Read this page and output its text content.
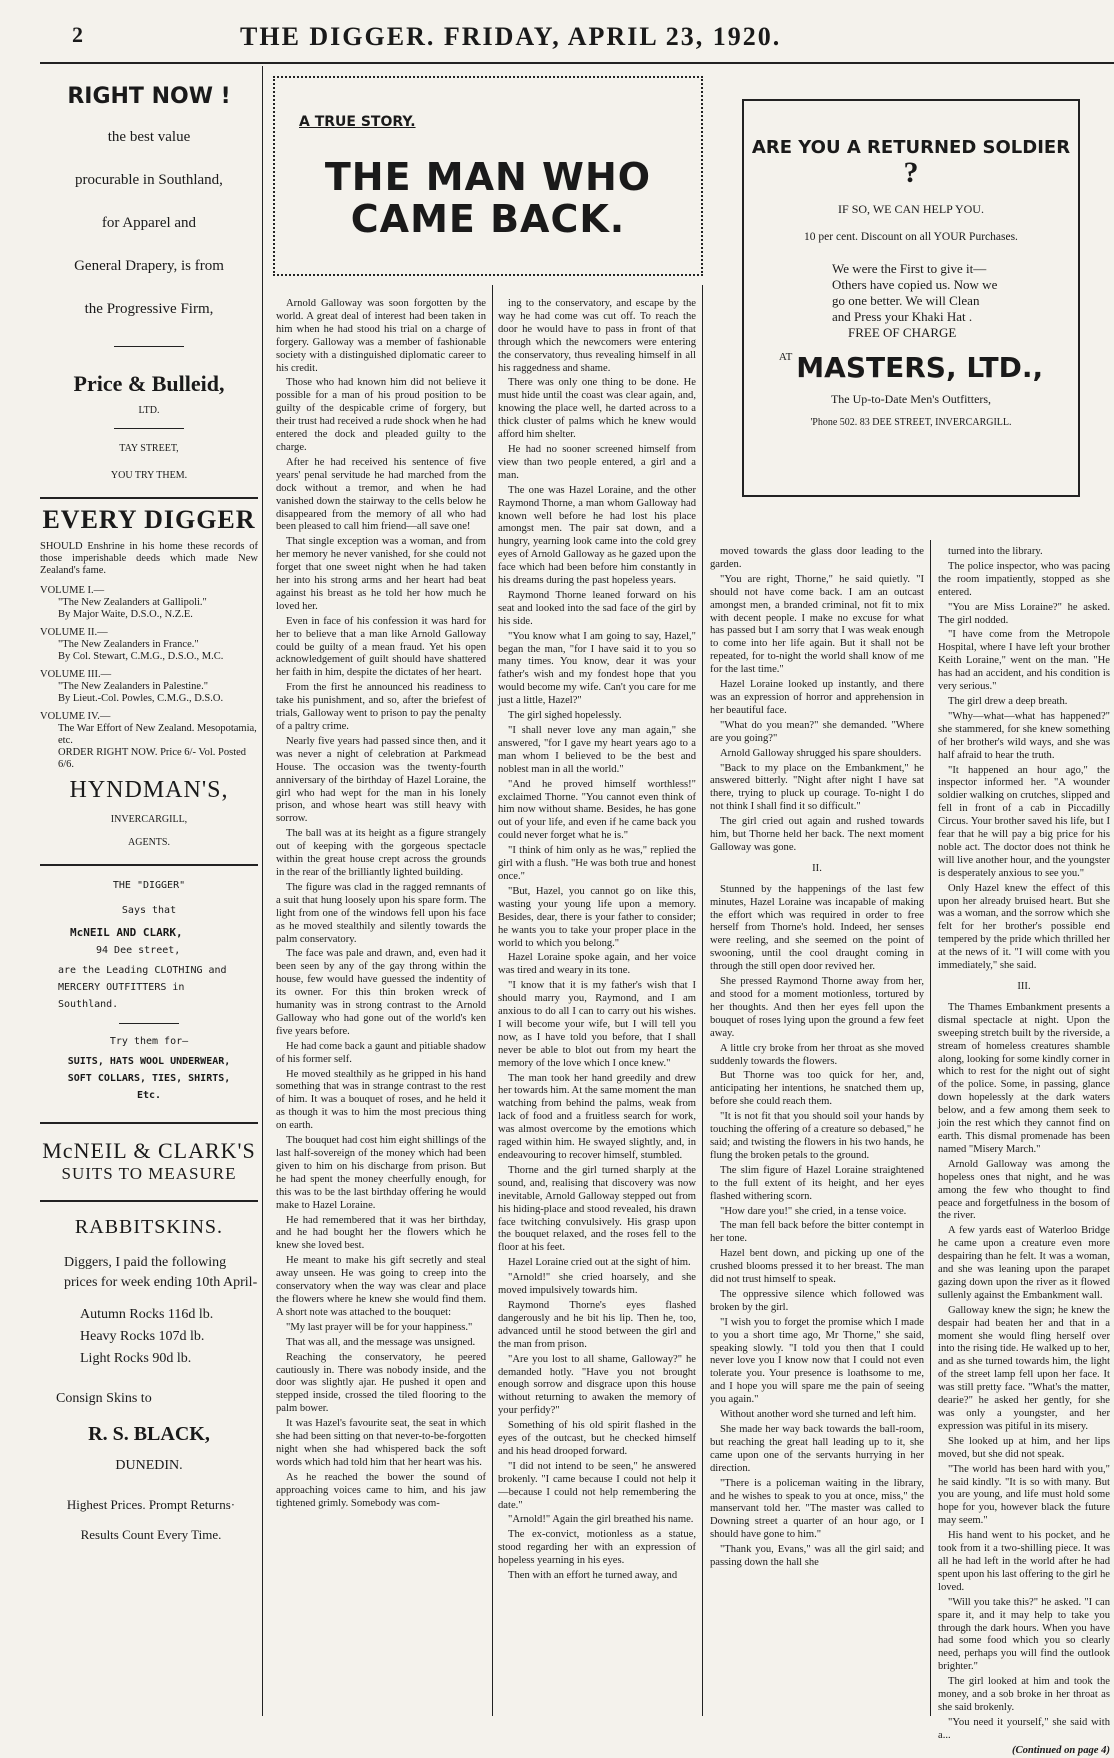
2	THE DIGGER. FRIDAY, APRIL 23, 1920.
RIGHT NOW !
the best value
procurable in Southland,
for Apparel and
General Drapery, is from
the Progressive Firm,
Price & Bulleid,
LTD.
TAY STREET,
YOU TRY THEM.
EVERY DIGGER
SHOULD Enshrine in his home these records of those imperishable deeds which made New Zealand's fame.
VOLUME I.—
"The New Zealanders at Gallipoli."
By Major Waite, D.S.O., N.Z.E.
VOLUME II.—
"The New Zealanders in France."
By Col. Stewart, C.M.G., D.S.O., M.C.
VOLUME III.—
"The New Zealanders in Palestine."
By Lieut.-Col. Powles, C.M.G., D.S.O.
VOLUME IV.—
The War Effort of New Zealand. Mesopotamia, etc.
ORDER RIGHT NOW. Price 6/- Vol. Posted 6/6.
HYNDMAN'S,
INVERCARGILL,
AGENTS.
THE "DIGGER"
Says that
McNEIL AND CLARK,
94 Dee street,
are the Leading CLOTHING and MERCERY OUTFITTERS in Southland.
Try them for—
SUITS, HATS WOOL UNDERWEAR, SOFT COLLARS, TIES, SHIRTS, Etc.
McNEIL & CLARK'S
SUITS TO MEASURE
RABBITSKINS.
Diggers, I paid the following prices for week ending 10th April-
Autumn Rocks 116d lb.
Heavy Rocks 107d lb.
Light Rocks 90d lb.
Consign Skins to
R. S. BLACK,
DUNEDIN.
Highest Prices. Prompt Returns· Results Count Every Time.
A TRUE STORY.
THE MAN WHO CAME BACK.
ARE YOU A RETURNED SOLDIER
?
IF SO, WE CAN HELP YOU.
10 per cent. Discount on all YOUR Purchases.
We were the First to give it—
Others have copied us. Now we
go one better. We will Clean
and Press your Khaki Hat .
FREE OF CHARGE
$^{AT}$ MASTERS, LTD.,
The Up-to-Date Men's Outfitters,
'Phone 502. 83 DEE STREET, INVERCARGILL.

Arnold Galloway was soon forgotten by the world. A great deal of interest had been taken in him when he had stood his trial on a charge of forgery. Galloway was a member of fashionable society with a distinguished diplomatic career to his credit.

Those who had known him did not believe it possible for a man of his proud position to be guilty of the despicable crime of forgery, but their trust had received a rude shock when he had entered the dock and pleaded guilty to the charge.

After he had received his sentence of five years' penal servitude he had marched from the dock without a tremor, and when he had vanished down the stairway to the cells below he disappeared from the memory of all who had been pleased to call him friend—all save one!

That single exception was a woman, and from her memory he never vanished, for she could not forget that one sweet night when he had taken her into his strong arms and her heart had beat against his breast as he told her how much he loved her.

Even in face of his confession it was hard for her to believe that a man like Arnold Galloway could be guilty of a mean fraud. Yet his open acknowledgement of guilt should have shattered her faith in him, despite the dictates of her heart.

From the first he announced his readiness to take his punishment, and so, after the briefest of trials, Galloway went to prison to pay the penalty of a paltry crime.

Nearly five years had passed since then, and it was never a night of celebration at Parkmead House. The occasion was the twenty-fourth anniversary of the birthday of Hazel Loraine, the girl who had wept for the man in his lonely prison, and whose heart was still heavy with sorrow.

The ball was at its height as a figure strangely out of keeping with the gorgeous spectacle within the great house crept across the grounds in the rear of the brilliantly lighted building.

The figure was clad in the ragged remnants of a suit that hung loosely upon his spare form. The light from one of the windows fell upon his face as he moved stealthily and silently towards the palm conservatory.

The face was pale and drawn, and, even had it been seen by any of the gay throng within the house, few would have guessed the indentity of its owner. For this thin broken wreck of humanity was in strong contrast to the Arnold Galloway who had gone out of the world's ken five years before.

He had come back a gaunt and pitiable shadow of his former self.

He moved stealthily as he gripped in his hand something that was in strange contrast to the rest of him. It was a bouquet of roses, and he held it as though it was to him the most precious thing on earth.

The bouquet had cost him eight shillings of the last half-sovereign of the money which had been given to him on his discharge from prison. But he had spent the money cheerfully enough, for this was to be the last birthday offering he would make to Hazel Loraine.

He had remembered that it was her birthday, and he had bought her the flowers which he knew she loved best.

He meant to make his gift secretly and steal away unseen. He was going to creep into the conservatory when the way was clear and place the flowers where he knew she would find them. A short note was attached to the bouquet:

"My last prayer will be for your happiness."

That was all, and the message was unsigned.

Reaching the conservatory, he peered cautiously in. There was nobody inside, and the door was slightly ajar. He pushed it open and stepped inside, crossed the tiled flooring to the palm bower.

It was Hazel's favourite seat, the seat in which she had been sitting on that never-to-be-forgotten night when she had whispered back the soft words which had told him that her heart was his.

As he reached the bower the sound of approaching voices came to him, and his jaw tightened grimly. Somebody was com-

ing to the conservatory, and escape by the way he had come was cut off. To reach the door he would have to pass in front of that through which the newcomers were entering the conservatory, thus revealing himself in all his raggedness and shame.

There was only one thing to be done. He must hide until the coast was clear again, and, knowing the place well, he darted across to a thick cluster of palms which he knew would afford him shelter.

He had no sooner screened himself from view than two people entered, a girl and a man.

The one was Hazel Loraine, and the other Raymond Thorne, a man whom Galloway had known well before he had lost his place amongst men. The pair sat down, and a hungry, yearning look came into the cold grey eyes of Arnold Galloway as he gazed upon the face which had been before him constantly in his dreams during the past hopeless years.

Raymond Thorne leaned forward on his seat and looked into the sad face of the girl by his side.

"You know what I am going to say, Hazel," began the man, "for I have said it to you so many times. You know, dear it was your father's wish and my fondest hope that you would become my wife. Can't you care for me just a little, Hazel?"

The girl sighed hopelessly.

"I shall never love any man again," she answered, "for I gave my heart years ago to a man whom I believed to be the best and noblest man in all the world."

"And he proved himself worthless!" exclaimed Thorne. "You cannot even think of him now without shame. Besides, he has gone out of your life, and even if he came back you could never forget what he is."

"I think of him only as he was," replied the girl with a flush. "He was both true and honest once."

"But, Hazel, you cannot go on like this, wasting your young life upon a memory. Besides, dear, there is your father to consider; he wants you to take your proper place in the world to which you belong."

Hazel Loraine spoke again, and her voice was tired and weary in its tone.

"I know that it is my father's wish that I should marry you, Raymond, and I am anxious to do all I can to carry out his wishes. I will become your wife, but I will tell you now, as I have told you before, that I shall never be able to blot out from my heart the memory of the love which I once knew."

The man took her hand greedily and drew her towards him. At the same moment the man watching from behind the palms, weak from lack of food and a fruitless search for work, was almost overcome by the emotions which raged within him. He swayed slightly, and, in endeavouring to recover himself, stumbled.

Thorne and the girl turned sharply at the sound, and, realising that discovery was now inevitable, Arnold Galloway stepped out from his hiding-place and stood revealed, his drawn face twitching convulsively. His grasp upon the bouquet relaxed, and the roses fell to the floor at his feet.

Hazel Loraine cried out at the sight of him.

"Arnold!" she cried hoarsely, and she moved impulsively towards him.

Raymond Thorne's eyes flashed dangerously and he bit his lip. Then he, too, advanced until he stood between the girl and the man from prison.

"Are you lost to all shame, Galloway?" he demanded hotly. "Have you not brought enough sorrow and disgrace upon this house without returning to awaken the memory of your perfidy?"

Something of his old spirit flashed in the eyes of the outcast, but he checked himself and his head drooped forward.

"I did not intend to be seen," he answered brokenly. "I came because I could not help it—because I could not help remembering the date."

"Arnold!" Again the girl breathed his name.

The ex-convict, motionless as a statue, stood regarding her with an expression of hopeless yearning in his eyes.

Then with an effort he turned away, and

moved towards the glass door leading to the garden.

"You are right, Thorne," he said quietly. "I should not have come back. I am an outcast amongst men, a branded criminal, not fit to mix with decent people. I make no excuse for what has passed but I am sorry that I was weak enough to come into her life again. But it shall not be repeated, for to-night the world shall know of me for the last time."

Hazel Loraine looked up instantly, and there was an expression of horror and apprehension in her beautiful face.

"What do you mean?" she demanded. "Where are you going?"

Arnold Galloway shrugged his spare shoulders.

"Back to my place on the Embankment," he answered bitterly. "Night after night I have sat there, trying to pluck up courage. To-night I do not think I shall find it so difficult."

The girl cried out again and rushed towards him, but Thorne held her back. The next moment Galloway was gone.

II.

Stunned by the happenings of the last few minutes, Hazel Loraine was incapable of making the effort which was required in order to free herself from Thorne's hold. Indeed, her senses were reeling, and she seemed on the point of swooning, until the cool draught coming in through the still open door revived her.

She pressed Raymond Thorne away from her, and stood for a moment motionless, tortured by her thoughts. And then her eyes fell upon the bouquet of roses lying upon the ground a few feet away.

A little cry broke from her throat as she moved suddenly towards the flowers.

But Thorne was too quick for her, and, anticipating her intentions, he snatched them up, before she could reach them.

"It is not fit that you should soil your hands by touching the offering of a creature so debased," he said; and twisting the flowers in his two hands, he flung the broken petals to the ground.

The slim figure of Hazel Loraine straightened to the full extent of its height, and her eyes flashed withering scorn.

"How dare you!" she cried, in a tense voice.

The man fell back before the bitter contempt in her tone.

Hazel bent down, and picking up one of the crushed blooms pressed it to her breast. The man did not trust himself to speak.

The oppressive silence which followed was broken by the girl.

"I wish you to forget the promise which I made to you a short time ago, Mr Thorne," she said, speaking slowly. "I told you then that I could never love you I know now that I could not even tolerate you. Your presence is loathsome to me, and I hope you will spare me the pain of seeing you again."

Without another word she turned and left him.

She made her way back towards the ball-room, but reaching the great hall leading up to it, she came upon one of the servants hurrying in her direction.

"There is a policeman waiting in the library, and he wishes to speak to you at once, miss," the manservant told her. "The master was called to Downing street a quarter of an hour ago, or I should have gone to him."

"Thank you, Evans," was all the girl said; and passing down the hall she

turned into the library.

The police inspector, who was pacing the room impatiently, stopped as she entered.

"You are Miss Loraine?" he asked. The girl nodded.

"I have come from the Metropole Hospital, where I have left your brother Keith Loraine," went on the man. "He has had an accident, and his condition is very serious."

The girl drew a deep breath.

"Why—what—what has happened?" she stammered, for she knew something of her brother's wild ways, and she was half afraid to hear the truth.

"It happened an hour ago," the inspector informed her. "A wounder soldier walking on crutches, slipped and fell in front of a cab in Piccadilly Circus. Your brother saved his life, but I fear that he will pay a big price for his noble act. The doctor does not think he will live another hour, and the youngster is desperately anxious to see you."

Only Hazel knew the effect of this upon her already bruised heart. But she was a woman, and the sorrow which she felt for her brother's possible end tempered by the pride which thrilled her at the news of it. "I will come with you immediately," she said.

III.

The Thames Embankment presents a dismal spectacle at night. Upon the sweeping stretch built by the riverside, a stream of homeless creatures shamble along, looking for some kindly corner in which to rest for the night out of sight of the police. Some, in passing, glance down hopelessly at the dark waters below, and a few among them seek to join the rest which they cannot find on earth. This dismal promenade has been named "Misery March."

Arnold Galloway was among the hopeless ones that night, and he was among the few who thought to find peace and forgetfulness in the bosom of the river.

A few yards east of Waterloo Bridge he came upon a creature even more despairing than he felt. It was a woman, and she was leaning upon the parapet gazing down upon the river as it flowed sullenly against the Embankment wall.

Galloway knew the sign; he knew the despair had beaten her and that in a moment she would fling herself over into the rising tide. He walked up to her, and as she turned towards him, the light of the street lamp fell upon her face. It was still pretty face. "What's the matter, dearie?" he asked her gently, for she was only a youngster, and her expression was pitiful in its misery.

She looked up at him, and her lips moved, but she did not speak.

"The world has been hard with you," he said kindly. "It is so with many. But you are young, and life must hold some hope for you, however black the future may seem."

His hand went to his pocket, and he took from it a two-shilling piece. It was all he had left in the world after he had spent upon his last offering to the girl he loved.

"Will you take this?" he asked. "I can spare it, and it may help to take you through the dark hours. When you have had some food which you so clearly need, perhaps you will find the outlook brighter."

The girl looked at him and took the money, and a sob broke in her throat as she said brokenly.

"You need it yourself," she said with a...

(Continued on page 4)
